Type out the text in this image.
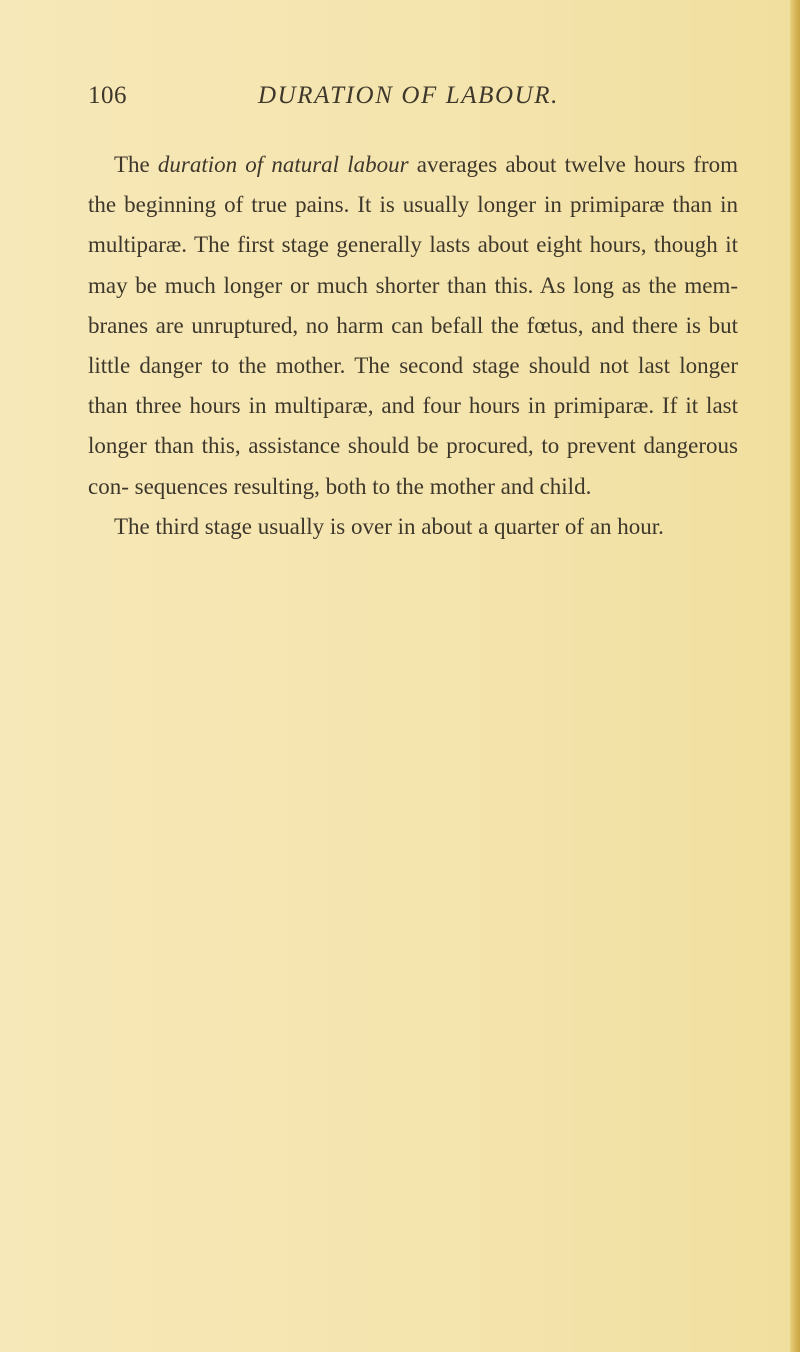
106	DURATION OF LABOUR.

The duration of natural labour averages about twelve hours from the beginning of true pains. It is usually longer in primiparæ than in multiparæ. The first stage generally lasts about eight hours, though it may be much longer or much shorter than this. As long as the mem- branes are unruptured, no harm can befall the fœtus, and there is but little danger to the mother. The second stage should not last longer than three hours in multiparæ, and four hours in primiparæ. If it last longer than this, assistance should be procured, to prevent dangerous con- sequences resulting, both to the mother and child.

The third stage usually is over in about a quarter of an hour.
